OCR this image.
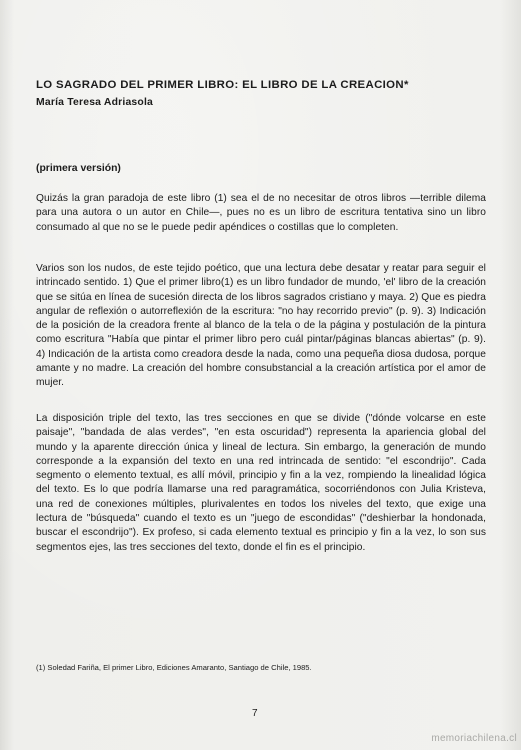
LO SAGRADO DEL PRIMER LIBRO: EL LIBRO DE LA CREACION*

María Teresa Adriasola

(primera versión)

Quizás la gran paradoja de este libro (1) sea el de no necesitar de otros libros —terrible dilema para una autora o un autor en Chile—, pues no es un libro de escritura tentativa sino un libro consumado al que no se le puede pedir apéndices o costillas que lo completen.

Varios son los nudos, de este tejido poético, que una lectura debe desatar y reatar para seguir el intrincado sentido. 1) Que el primer libro(1) es un libro fundador de mundo, 'el' libro de la creación que se sitúa en línea de sucesión directa de los libros sagrados cristiano y maya. 2) Que es piedra angular de reflexión o autorreflexión de la escritura: "no hay recorrido previo" (p. 9). 3) Indicación de la posición de la creadora frente al blanco de la tela o de la página y postulación de la pintura como escritura "Había que pintar el primer libro pero cuál pintar/páginas blancas abiertas" (p. 9). 4) Indicación de la artista como creadora desde la nada, como una pequeña diosa dudosa, porque amante y no madre. La creación del hombre consubstancial a la creación artística por el amor de mujer.

La disposición triple del texto, las tres secciones en que se divide ("dónde volcarse en este paisaje", "bandada de alas verdes", "en esta oscuridad") representa la apariencia global del mundo y la aparente dirección única y lineal de lectura. Sin embargo, la generación de mundo corresponde a la expansión del texto en una red intrincada de sentido: "el escondrijo". Cada segmento o elemento textual, es allí móvil, principio y fin a la vez, rompiendo la linealidad lógica del texto. Es lo que podría llamarse una red paragramática, socorriéndonos con Julia Kristeva, una red de conexiones múltiples, plurivalentes en todos los niveles del texto, que exige una lectura de "búsqueda" cuando el texto es un "juego de escondidas" ("deshierbar la hondonada, buscar el escondrijo"). Ex profeso, si cada elemento textual es principio y fin a la vez, lo son sus segmentos ejes, las tres secciones del texto, donde el fin es el principio.

(1) Soledad Fariña, El primer Libro, Ediciones Amaranto, Santiago de Chile, 1985.

7

memoriachilena.cl
